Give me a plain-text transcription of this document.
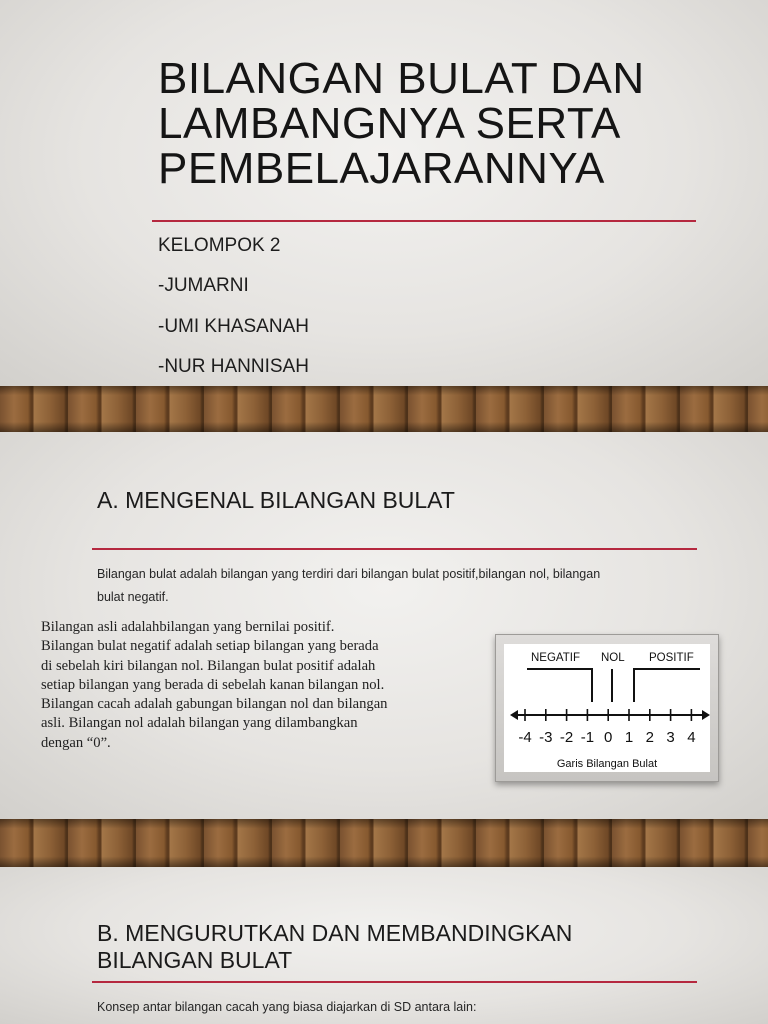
BILANGAN BULAT DAN
LAMBANGNYA SERTA
PEMBELAJARANNYA
KELOMPOK 2
-JUMARNI
-UMI KHASANAH
-NUR HANNISAH
A. MENGENAL BILANGAN BULAT
Bilangan bulat adalah bilangan yang terdiri dari bilangan bulat positif,bilangan nol, bilangan
bulat negatif.
Bilangan asli adalahbilangan yang bernilai positif.
Bilangan bulat negatif adalah setiap bilangan yang berada
di sebelah kiri bilangan nol. Bilangan bulat positif adalah
setiap bilangan yang berada di sebelah kanan bilangan nol.
Bilangan cacah adalah gabungan bilangan nol dan bilangan
asli. Bilangan nol adalah bilangan yang dilambangkan
dengan “0”.
NEGATIF NOL POSITIF
-4 -3 -2 -1 0 1 2 3 4
Garis Bilangan Bulat
B. MENGURUTKAN DAN MEMBANDINGKAN
BILANGAN BULAT
Konsep antar bilangan cacah yang biasa diajarkan di SD antara lain:
